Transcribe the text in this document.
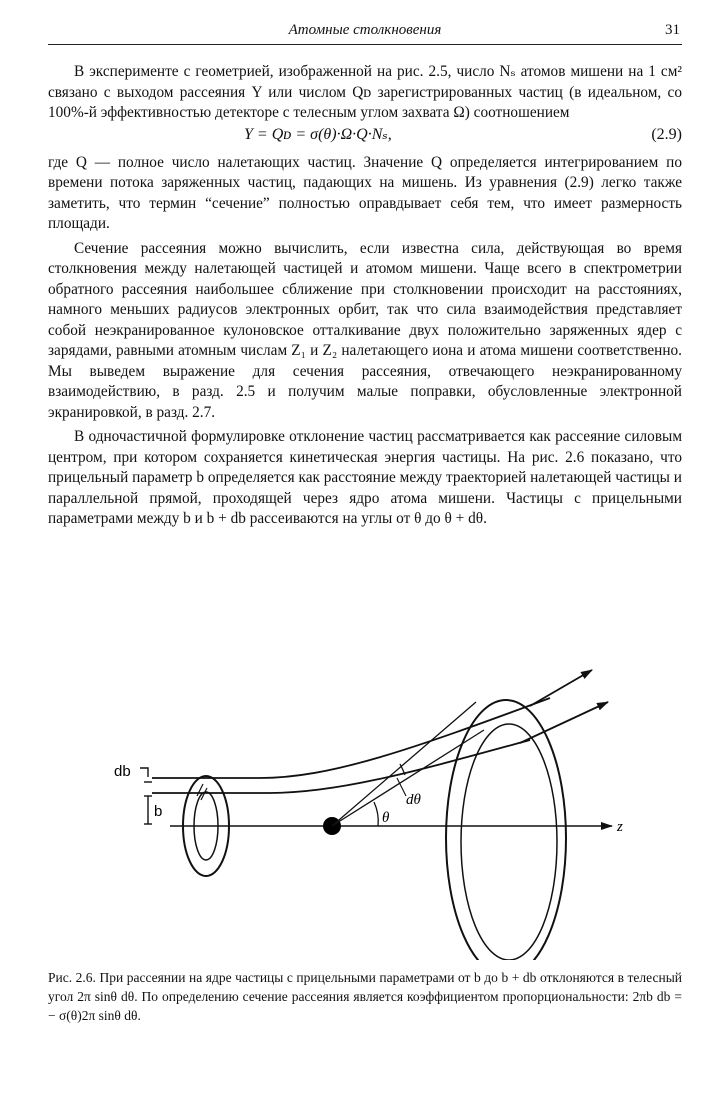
Атомные столкновения	31

В эксперименте с геометрией, изображенной на рис. 2.5, число Nₛ атомов мишени на 1 см² связано с выходом рассеяния Y или числом Qᴅ зарегистрированных частиц (в идеальном, со 100%-й эффективностью детекторе с телесным углом захвата Ω) соотношением

Y = Qᴅ = σ(θ)·Ω·Q·Nₛ,	(2.9)

где Q — полное число налетающих частиц. Значение Q определяется интегрированием по времени потока заряженных частиц, падающих на мишень. Из уравнения (2.9) легко также заметить, что термин “сечение” полностью оправдывает себя тем, что имеет размерность площади.

Сечение рассеяния можно вычислить, если известна сила, действующая во время столкновения между налетающей частицей и атомом мишени. Чаще всего в спектрометрии обратного рассеяния наибольшее сближение при столкновении происходит на расстояниях, намного меньших радиусов электронных орбит, так что сила взаимодействия представляет собой неэкранированное кулоновское отталкивание двух положительно заряженных ядер с зарядами, равными атомным числам Z₁ и Z₂ налетающего иона и атома мишени соответственно. Мы выведем выражение для сечения рассеяния, отвечающего неэкранированному взаимодействию, в разд. 2.5 и получим малые поправки, обусловленные электронной экранировкой, в разд. 2.7.

В одночастичной формулировке отклонение частиц рассматривается как рассеяние силовым центром, при котором сохраняется кинетическая энергия частицы. На рис. 2.6 показано, что прицельный параметр b определяется как расстояние между траекторией налетающей частицы и параллельной прямой, проходящей через ядро атома мишени. Частицы с прицельными параметрами между b и b + db рассеиваются на углы от θ до θ + dθ.

z
db
b
dθ
θ
Рис. 2.6. При рассеянии на ядре частицы с прицельными параметрами от b до b + db отклоняются в телесный угол 2π sinθ dθ. По определению сечение рассеяния является коэффициентом пропорциональности: 2πb db = − σ(θ)2π sinθ dθ.
